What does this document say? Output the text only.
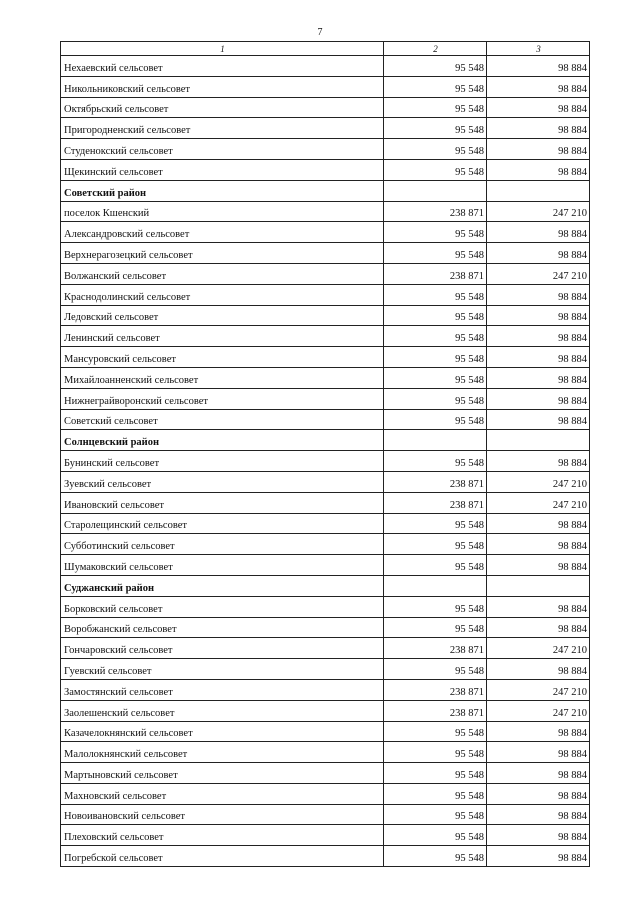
7
1	2	3
Нехаевский сельсовет	95 548	98 884
Никольниковский сельсовет	95 548	98 884
Октябрьский сельсовет	95 548	98 884
Пригородненский сельсовет	95 548	98 884
Студенокский сельсовет	95 548	98 884
Щекинский сельсовет	95 548	98 884
Советский район		
поселок Кшенский	238 871	247 210
Александровский сельсовет	95 548	98 884
Верхнерагозецкий сельсовет	95 548	98 884
Волжанский сельсовет	238 871	247 210
Краснодолинский сельсовет	95 548	98 884
Ледовский сельсовет	95 548	98 884
Ленинский сельсовет	95 548	98 884
Мансуровский сельсовет	95 548	98 884
Михайлоанненский сельсовет	95 548	98 884
Нижнеграйворонский сельсовет	95 548	98 884
Советский сельсовет	95 548	98 884
Солнцевский район		
Бунинский сельсовет	95 548	98 884
Зуевский сельсовет	238 871	247 210
Ивановский сельсовет	238 871	247 210
Старолещинский сельсовет	95 548	98 884
Субботинский сельсовет	95 548	98 884
Шумаковский сельсовет	95 548	98 884
Суджанский район		
Борковский сельсовет	95 548	98 884
Воробжанский сельсовет	95 548	98 884
Гончаровский сельсовет	238 871	247 210
Гуевский сельсовет	95 548	98 884
Замостянский сельсовет	238 871	247 210
Заолешенский сельсовет	238 871	247 210
Казачелокнянский сельсовет	95 548	98 884
Малолокнянский сельсовет	95 548	98 884
Мартыновский сельсовет	95 548	98 884
Махновский сельсовет	95 548	98 884
Новоивановский сельсовет	95 548	98 884
Плеховский сельсовет	95 548	98 884
Погребской сельсовет	95 548	98 884
